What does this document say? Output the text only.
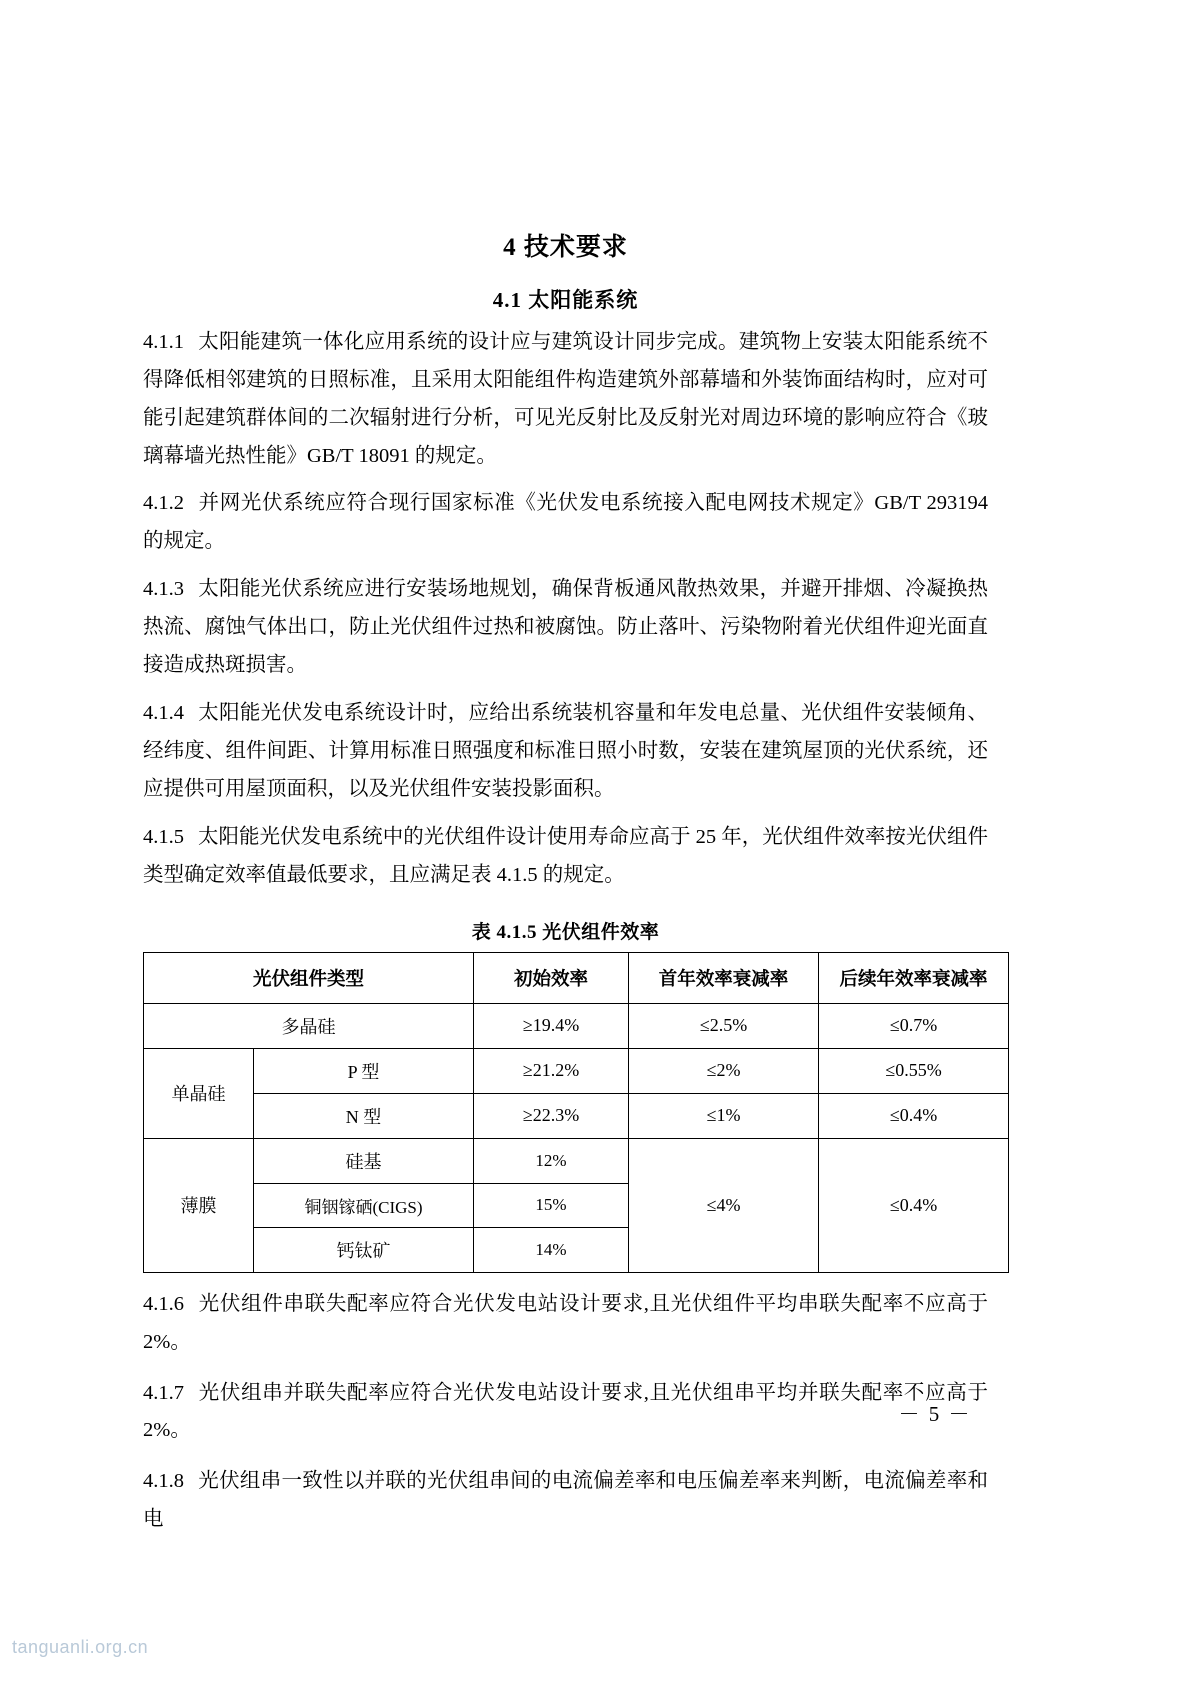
4 技术要求
4.1 太阳能系统

4.1.1 太阳能建筑一体化应用系统的设计应与建筑设计同步完成。建筑物上安装太阳能系统不得降低相邻建筑的日照标准，且采用太阳能组件构造建筑外部幕墙和外装饰面结构时，应对可能引起建筑群体间的二次辐射进行分析，可见光反射比及反射光对周边环境的影响应符合《玻璃幕墙光热性能》GB/T 18091 的规定。

4.1.2 并网光伏系统应符合现行国家标准《光伏发电系统接入配电网技术规定》GB/T 293194 的规定。

4.1.3 太阳能光伏系统应进行安装场地规划，确保背板通风散热效果，并避开排烟、冷凝换热热流、腐蚀气体出口，防止光伏组件过热和被腐蚀。防止落叶、污染物附着光伏组件迎光面直接造成热斑损害。

4.1.4 太阳能光伏发电系统设计时，应给出系统装机容量和年发电总量、光伏组件安装倾角、经纬度、组件间距、计算用标准日照强度和标准日照小时数，安装在建筑屋顶的光伏系统，还应提供可用屋顶面积，以及光伏组件安装投影面积。

4.1.5 太阳能光伏发电系统中的光伏组件设计使用寿命应高于 25 年，光伏组件效率按光伏组件类型确定效率值最低要求，且应满足表 4.1.5 的规定。

表 4.1.5 光伏组件效率
光伏组件类型		初始效率	首年效率衰减率	后续年效率衰减率
多晶硅		≥19.4%	≤2.5%	≤0.7%
单晶硅	P 型	≥21.2%	≤2%	≤0.55%
	N 型	≥22.3%	≤1%	≤0.4%
薄膜	硅基	12%	≤4%	≤0.4%
	铜铟镓硒(CIGS)	15%		
	钙钛矿	14%		

4.1.6 光伏组件串联失配率应符合光伏发电站设计要求,且光伏组件平均串联失配率不应高于 2%。

4.1.7 光伏组串并联失配率应符合光伏发电站设计要求,且光伏组串平均并联失配率不应高于 2%。

4.1.8 光伏组串一致性以并联的光伏组串间的电流偏差率和电压偏差率来判断，电流偏差率和电

－ 5 －
tanguanli.org.cn
